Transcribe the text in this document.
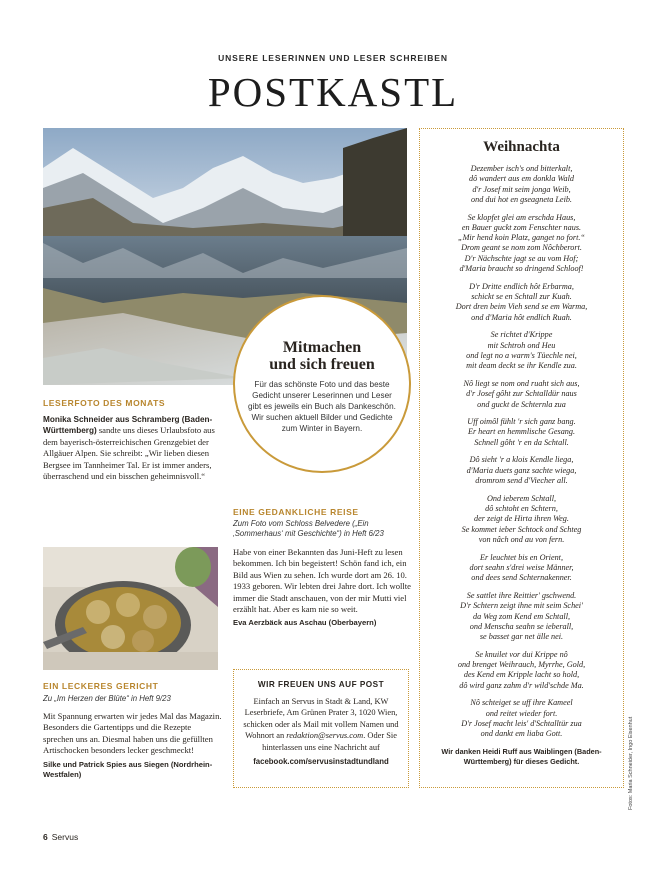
UNSERE LESERINNEN UND LESER SCHREIBEN
POSTKASTL
Mitmachen
und sich freuen

Für das schönste Foto und das beste Gedicht unserer Leserinnen und Leser gibt es jeweils ein Buch als Dankeschön. Wir suchen aktuell Bilder und Gedichte zum Winter in Bayern.

LESERFOTO DES MONATS
Monika Schneider aus Schramberg (Baden-Württemberg) sandte uns dieses Urlaubsfoto aus dem bayerisch-österreichischen Grenzgebiet der Allgäuer Alpen. Sie schreibt: „Wir lieben diesen Bergsee im Tannheimer Tal. Er ist immer anders, überraschend und ein bisschen geheimnisvoll.“
EINE GEDANKLICHE REISE
Zum Foto vom Schloss Belvedere („Ein ‚Sommerhaus‘ mit Geschichte“) in Heft 6/23
Habe von einer Bekannten das Juni-Heft zu lesen bekommen. Ich bin begeistert! Schön fand ich, ein Bild aus Wien zu sehen. Ich wurde dort am 26. 10. 1933 geboren. Wir lebten drei Jahre dort. Ich wollte immer die Stadt anschauen, von der mir Mutti viel erzählt hat. Aber es kam nie so weit.
Eva Aerzbäck aus Aschau (Oberbayern)
EIN LECKERES GERICHT
Zu „Im Herzen der Blüte“ in Heft 9/23
Mit Spannung erwarten wir jedes Mal das Magazin. Besonders die Gartentipps und die Rezepte sprechen uns an. Diesmal haben uns die gefüllten Artischocken besonders lecker geschmeckt!
Silke und Patrick Spies aus Siegen (Nordrhein-Westfalen)
WIR FREUEN UNS AUF POST
Einfach an Servus in Stadt & Land, KW Leserbriefe, Am Grünen Prater 3, 1020 Wien, schicken oder als Mail mit vollem Namen und Wohnort an redaktion@servus.com. Oder Sie hinterlassen uns eine Nachricht auf
facebook.com/servusinstadtundland
Weihnachta
Dezember isch's ond bitterkalt,
dô wandert aus em donkla Wald
d'r Josef mit seim jonga Weib,
ond dui hot en gseagneta Leib.
Se klopfet glei am erschda Haus,
en Bauer guckt zom Fenschter naus.
„Mir hend koin Platz, ganget no fort.“
Drom geant se nom zom Nôchberort.
D'r Nächschte jagt se au vom Hof;
d'Maria braucht so dringend Schloof!
D'r Dritte endlich hôt Erbarma,
schickt se en Schtall zur Kuah.
Dort dren beim Vieh send se em Warma,
ond d'Maria hôt endlich Ruah.
Se richtet d'Krippe
mit Schtroh ond Heu
ond legt no a warm's Tüechle nei,
mit deam deckt se ihr Kendle zua.
Nô liegt se nom ond ruaht sich aus,
d'r Josef gôht zur Schtalldür naus
ond guckt de Schternla zua
Uff oimôl fühlt 'r sich ganz bang.
Er heart en hemmlische Gesang.
Schnell gôht 'r en da Schtall.
Dô sieht 'r a klois Kendle liega,
d'Maria duets ganz sachte wiega,
dromrom send d'Viecher all.
Ond ieberem Schtall,
dô schtoht en Schtern,
der zeigt de Hirta ihren Weg.
Se kommet ieber Schtock ond Schteg
von nâch ond au von fern.
Er leuchtet bis en Orient,
dort seahn s'drei weise Männer,
ond dees send Schternakenner.
Se sattlet ihre Reittier' gschwend.
D'r Schtern zeigt ihne mit seim Schei'
da Weg zom Kend em Schtall,
ond Menscha seahn se ieberall,
se basset gar net älle nei.
Se knuilet vor dui Krippe nô
ond brenget Weihrauch, Myrrhe, Gold,
des Kend em Kripple lacht so hold,
dô wird ganz zahm d'r wild'schde Ma.
Nô schteiget se uff ihre Kameel
ond reitet wieder fort.
D'r Josef macht leis' d'Schtalltür zua
ond dankt em liaba Gott.
Wir danken Heidi Ruff aus Waiblingen (Baden-Württemberg) für dieses Gedicht.	Fotos: Maria Schneider, Ingo Eisenhut
6 Servus
